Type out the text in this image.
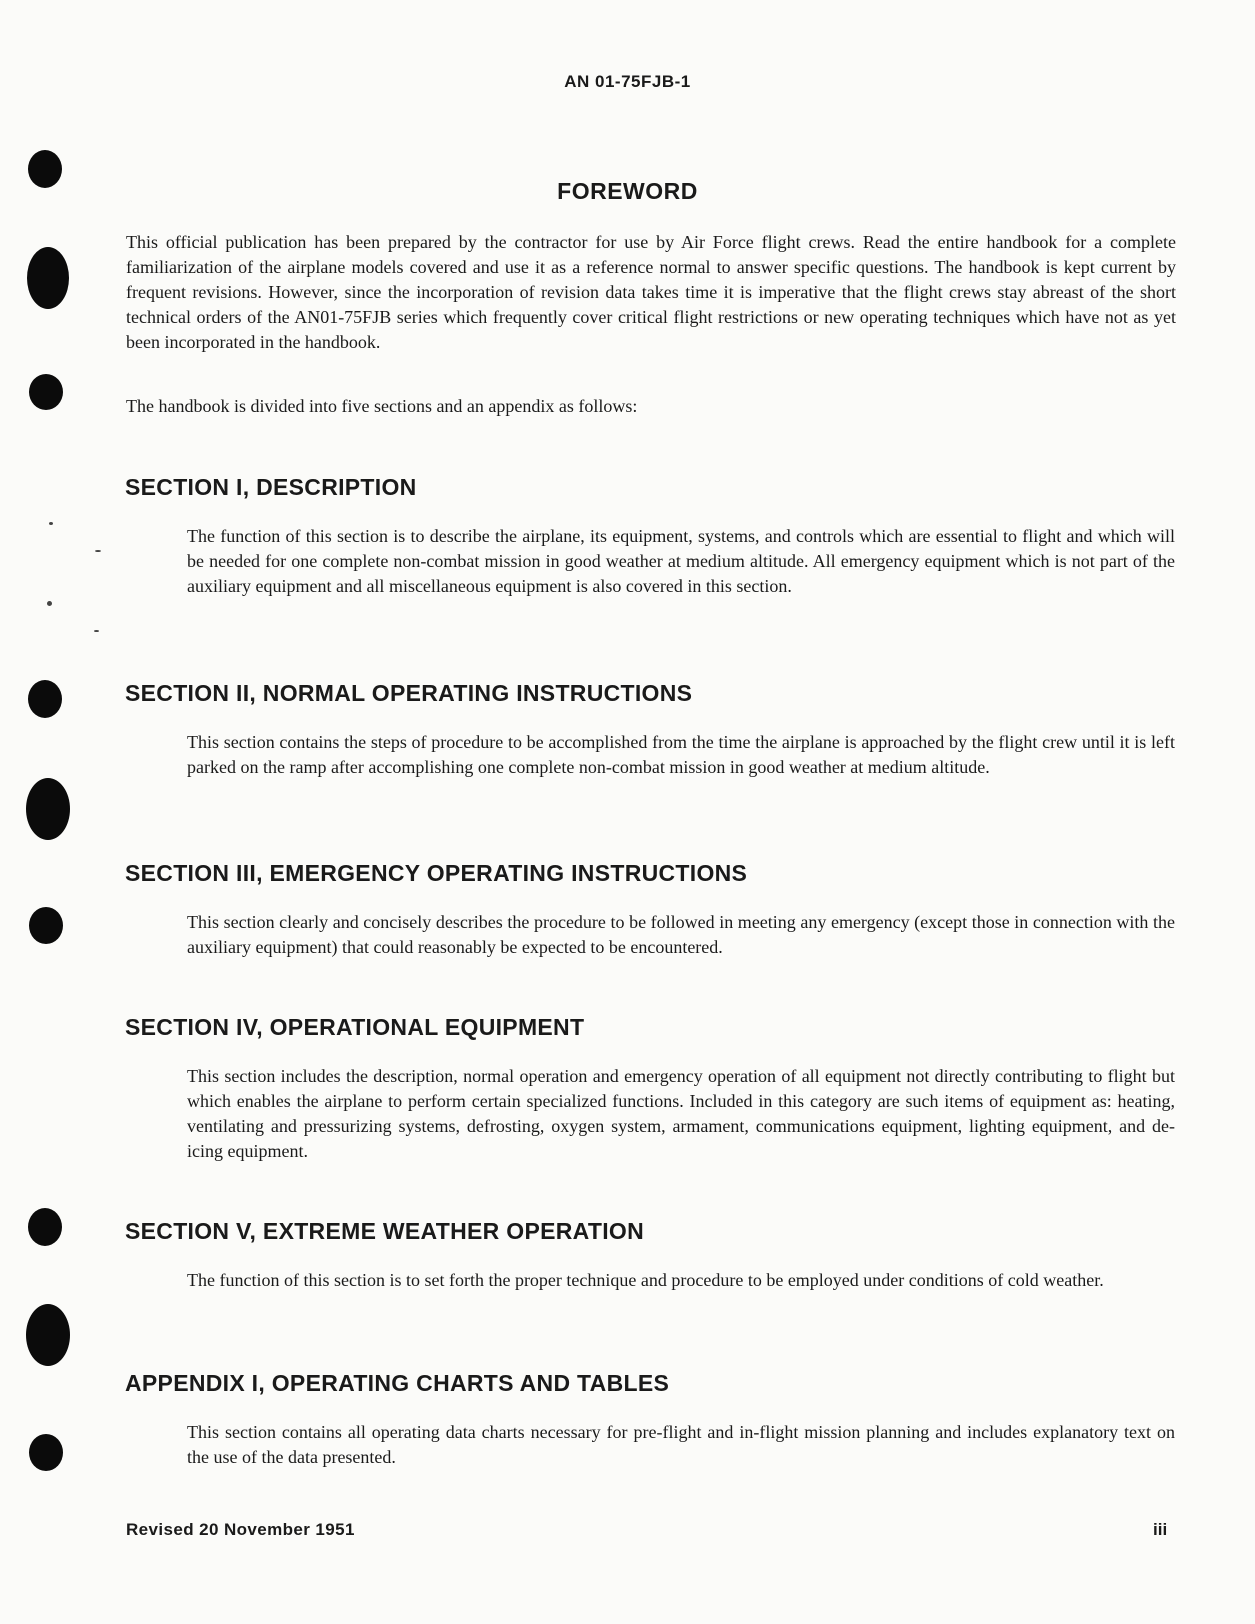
AN 01-75FJB-1
FOREWORD
This official publication has been prepared by the contractor for use by Air Force flight crews. Read the entire handbook for a complete familiarization of the airplane models covered and use it as a reference normal to answer specific questions. The handbook is kept current by frequent revisions. However, since the incorporation of revision data takes time it is imperative that the flight crews stay abreast of the short technical orders of the AN01-75FJB series which frequently cover critical flight restrictions or new operating techniques which have not as yet been incorporated in the handbook.
The handbook is divided into five sections and an appendix as follows:
SECTION I, DESCRIPTION
The function of this section is to describe the airplane, its equipment, systems, and controls which are essential to flight and which will be needed for one complete non-combat mission in good weather at medium altitude. All emergency equipment which is not part of the auxiliary equipment and all miscellaneous equipment is also covered in this section.
SECTION II, NORMAL OPERATING INSTRUCTIONS
This section contains the steps of procedure to be accomplished from the time the airplane is approached by the flight crew until it is left parked on the ramp after accomplishing one complete non-combat mission in good weather at medium altitude.
SECTION III, EMERGENCY OPERATING INSTRUCTIONS
This section clearly and concisely describes the procedure to be followed in meeting any emergency (except those in connection with the auxiliary equipment) that could reasonably be expected to be encountered.
SECTION IV, OPERATIONAL EQUIPMENT
This section includes the description, normal operation and emergency operation of all equipment not directly contributing to flight but which enables the airplane to perform certain specialized functions. Included in this category are such items of equipment as: heating, ventilating and pressurizing systems, defrosting, oxygen system, armament, communications equipment, lighting equipment, and de-icing equipment.
SECTION V, EXTREME WEATHER OPERATION
The function of this section is to set forth the proper technique and procedure to be employed under conditions of cold weather.
APPENDIX I, OPERATING CHARTS AND TABLES
This section contains all operating data charts necessary for pre-flight and in-flight mission planning and includes explanatory text on the use of the data presented.
Revised 20 November 1951	iii
